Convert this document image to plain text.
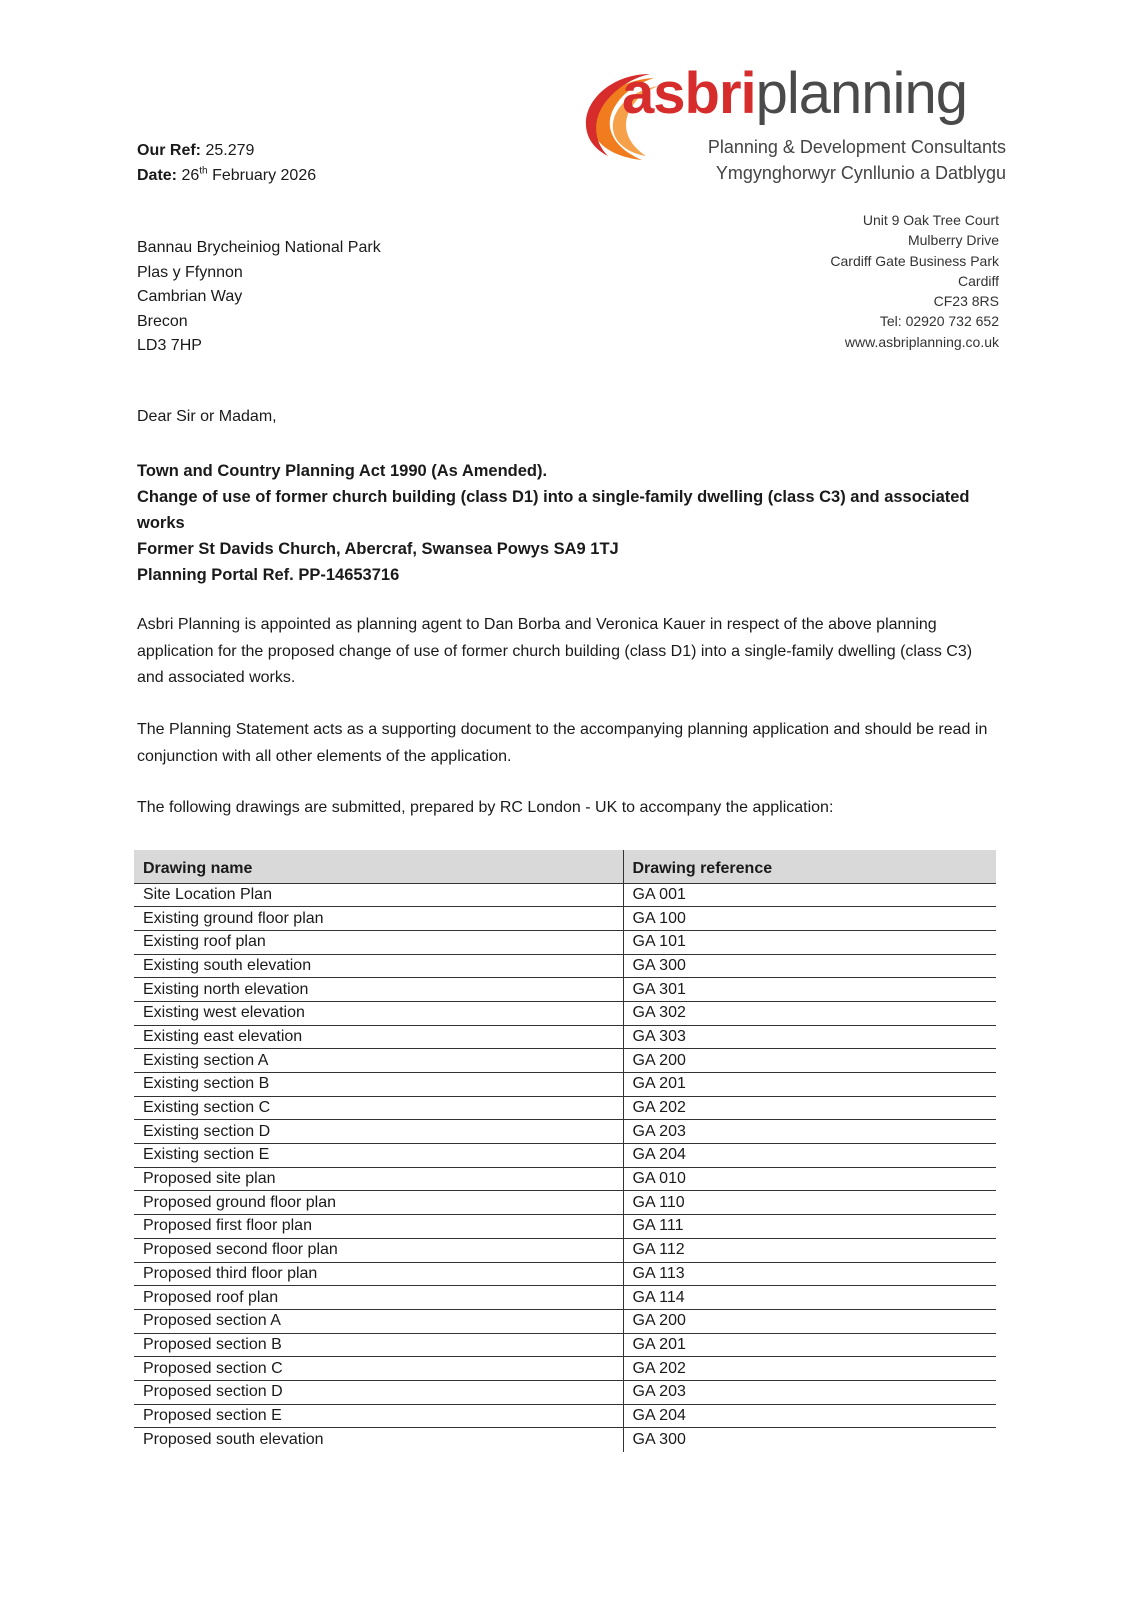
asbriplanning
Planning & Development Consultants
Ymgynghorwyr Cynllunio a Datblygu
Our Ref: 25.279
Date: 26th February 2026
Bannau Brycheiniog National Park
Plas y Ffynnon
Cambrian Way
Brecon
LD3 7HP
Unit 9 Oak Tree Court
Mulberry Drive
Cardiff Gate Business Park
Cardiff
CF23 8RS
Tel: 02920 732 652
www.asbriplanning.co.uk
Dear Sir or Madam,
Town and Country Planning Act 1990 (As Amended).
Change of use of former church building (class D1) into a single-family dwelling (class C3) and associated works
Former St Davids Church, Abercraf, Swansea Powys SA9 1TJ
Planning Portal Ref. PP-14653716

Asbri Planning is appointed as planning agent to Dan Borba and Veronica Kauer in respect of the above planning application for the proposed change of use of former church building (class D1) into a single-family dwelling (class C3) and associated works.

The Planning Statement acts as a supporting document to the accompanying planning application and should be read in conjunction with all other elements of the application.

The following drawings are submitted, prepared by RC London - UK to accompany the application:

Drawing name	Drawing reference
Site Location Plan	GA 001
Existing ground floor plan	GA 100
Existing roof plan	GA 101
Existing south elevation	GA 300
Existing north elevation	GA 301
Existing west elevation	GA 302
Existing east elevation	GA 303
Existing section A	GA 200
Existing section B	GA 201
Existing section C	GA 202
Existing section D	GA 203
Existing section E	GA 204
Proposed site plan	GA 010
Proposed ground floor plan	GA 110
Proposed first floor plan	GA 111
Proposed second floor plan	GA 112
Proposed third floor plan	GA 113
Proposed roof plan	GA 114
Proposed section A	GA 200
Proposed section B	GA 201
Proposed section C	GA 202
Proposed section D	GA 203
Proposed section E	GA 204
Proposed south elevation	GA 300
